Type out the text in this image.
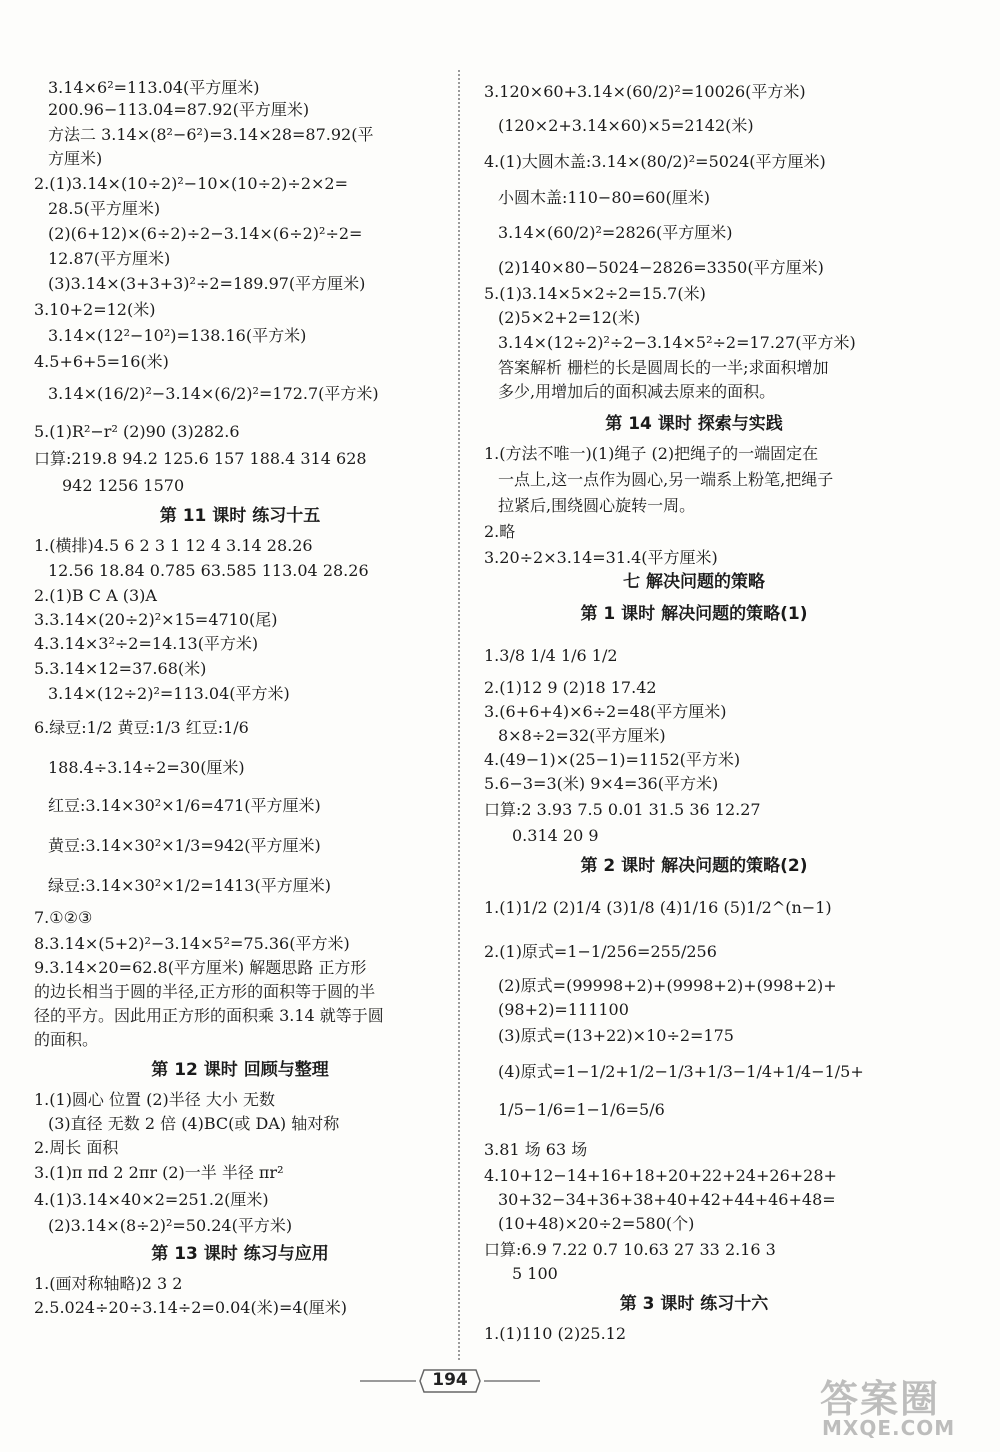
3.14×6²=113.04(平方厘米)
200.96−113.04=87.92(平方厘米)
方法二 3.14×(8²−6²)=3.14×28=87.92(平
方厘米)
2.(1)3.14×(10÷2)²−10×(10÷2)÷2×2=
28.5(平方厘米)
(2)(6+12)×(6÷2)÷2−3.14×(6÷2)²÷2=
12.87(平方厘米)
(3)3.14×(3+3+3)²÷2=189.97(平方厘米)
3.10+2=12(米)
3.14×(12²−10²)=138.16(平方米)
4.5+6+5=16(米)
3.14×(16/2)²−3.14×(6/2)²=172.7(平方米)
5.(1)R²−r² (2)90 (3)282.6
口算:219.8 94.2 125.6 157 188.4 314 628
942 1256 1570
第 11 课时 练习十五
1.(横排)4.5 6 2 3 1 12 4 3.14 28.26
12.56 18.84 0.785 63.585 113.04 28.26
2.(1)B C A (3)A
3.3.14×(20÷2)²×15=4710(尾)
4.3.14×3²÷2=14.13(平方米)
5.3.14×12=37.68(米)
3.14×(12÷2)²=113.04(平方米)
6.绿豆:1/2 黄豆:1/3 红豆:1/6
188.4÷3.14÷2=30(厘米)
红豆:3.14×30²×1/6=471(平方厘米)
黄豆:3.14×30²×1/3=942(平方厘米)
绿豆:3.14×30²×1/2=1413(平方厘米)
7.①②③
8.3.14×(5+2)²−3.14×5²=75.36(平方米)
9.3.14×20=62.8(平方厘米) 解题思路 正方形
的边长相当于圆的半径,正方形的面积等于圆的半
径的平方。因此用正方形的面积乘 3.14 就等于圆
的面积。
第 12 课时 回顾与整理
1.(1)圆心 位置 (2)半径 大小 无数
(3)直径 无数 2 倍 (4)BC(或 DA) 轴对称
2.周长 面积
3.(1)π πd 2 2πr (2)一半 半径 πr²
4.(1)3.14×40×2=251.2(厘米)
(2)3.14×(8÷2)²=50.24(平方米)
第 13 课时 练习与应用
1.(画对称轴略)2 3 2
2.5.024÷20÷3.14÷2=0.04(米)=4(厘米)
3.120×60+3.14×(60/2)²=10026(平方米)
(120×2+3.14×60)×5=2142(米)
4.(1)大圆木盖:3.14×(80/2)²=5024(平方厘米)
小圆木盖:110−80=60(厘米)
3.14×(60/2)²=2826(平方厘米)
(2)140×80−5024−2826=3350(平方厘米)
5.(1)3.14×5×2÷2=15.7(米)
(2)5×2+2=12(米)
3.14×(12÷2)²÷2−3.14×5²÷2=17.27(平方米)
答案解析 栅栏的长是圆周长的一半;求面积增加
多少,用增加后的面积减去原来的面积。
第 14 课时 探索与实践
1.(方法不唯一)(1)绳子 (2)把绳子的一端固定在
一点上,这一点作为圆心,另一端系上粉笔,把绳子
拉紧后,围绕圆心旋转一周。
2.略
3.20÷2×3.14=31.4(平方厘米)
七 解决问题的策略
第 1 课时 解决问题的策略(1)
1.3/8 1/4 1/6 1/2
2.(1)12 9 (2)18 17.42
3.(6+6+4)×6÷2=48(平方厘米)
8×8÷2=32(平方厘米)
4.(49−1)×(25−1)=1152(平方米)
5.6−3=3(米) 9×4=36(平方米)
口算:2 3.93 7.5 0.01 31.5 36 12.27
0.314 20 9
第 2 课时 解决问题的策略(2)
1.(1)1/2 (2)1/4 (3)1/8 (4)1/16 (5)1/2^(n−1)
2.(1)原式=1−1/256=255/256
(2)原式=(99998+2)+(9998+2)+(998+2)+
(98+2)=111100
(3)原式=(13+22)×10÷2=175
(4)原式=1−1/2+1/2−1/3+1/3−1/4+1/4−1/5+
1/5−1/6=1−1/6=5/6
3.81 场 63 场
4.10+12−14+16+18+20+22+24+26+28+
30+32−34+36+38+40+42+44+46+48=
(10+48)×20÷2=580(个)
口算:6.9 7.22 0.7 10.63 27 33 2.16 3
5 100
第 3 课时 练习十六
1.(1)110 (2)25.12
194	答案圈
MXQE.COM
